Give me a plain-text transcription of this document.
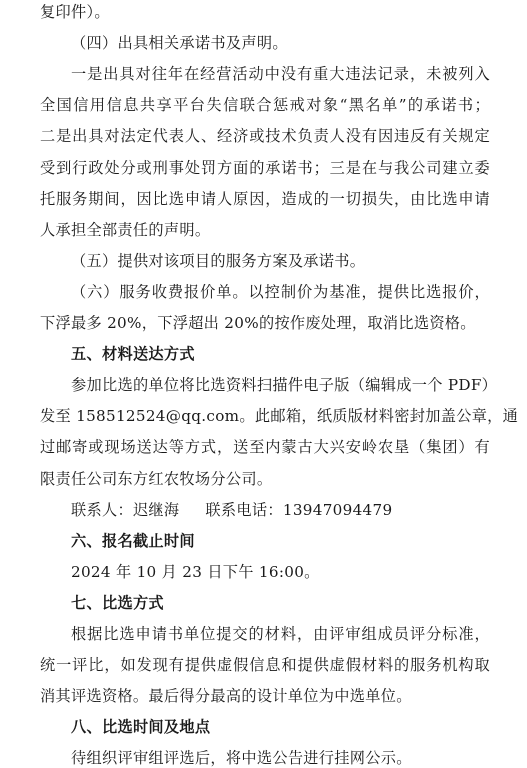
复印件）。
（四）出具相关承诺书及声明。
一是出具对往年在经营活动中没有重大违法记录，未被列入
全国信用信息共享平台失信联合惩戒对象“黑名单”的承诺书；
二是出具对法定代表人、经济或技术负责人没有因违反有关规定
受到行政处分或刑事处罚方面的承诺书；三是在与我公司建立委
托服务期间，因比选申请人原因，造成的一切损失，由比选申请
人承担全部责任的声明。
（五）提供对该项目的服务方案及承诺书。
（六）服务收费报价单。以控制价为基准，提供比选报价，
下浮最多 20%，下浮超出 20%的按作废处理，取消比选资格。
五、材料送达方式
参加比选的单位将比选资料扫描件电子版（编辑成一个 PDF）
发至 158512524@qq.com。此邮箱，纸质版材料密封加盖公章，通
过邮寄或现场送达等方式，送至内蒙古大兴安岭农垦（集团）有
限责任公司东方红农牧场分公司。
联系人：迟继海 联系电话：13947094479
六、报名截止时间
2024 年 10 月 23 日下午 16:00。
七、比选方式
根据比选申请书单位提交的材料，由评审组成员评分标准，
统一评比，如发现有提供虚假信息和提供虚假材料的服务机构取
消其评选资格。最后得分最高的设计单位为中选单位。
八、比选时间及地点
待组织评审组评选后，将中选公告进行挂网公示。
